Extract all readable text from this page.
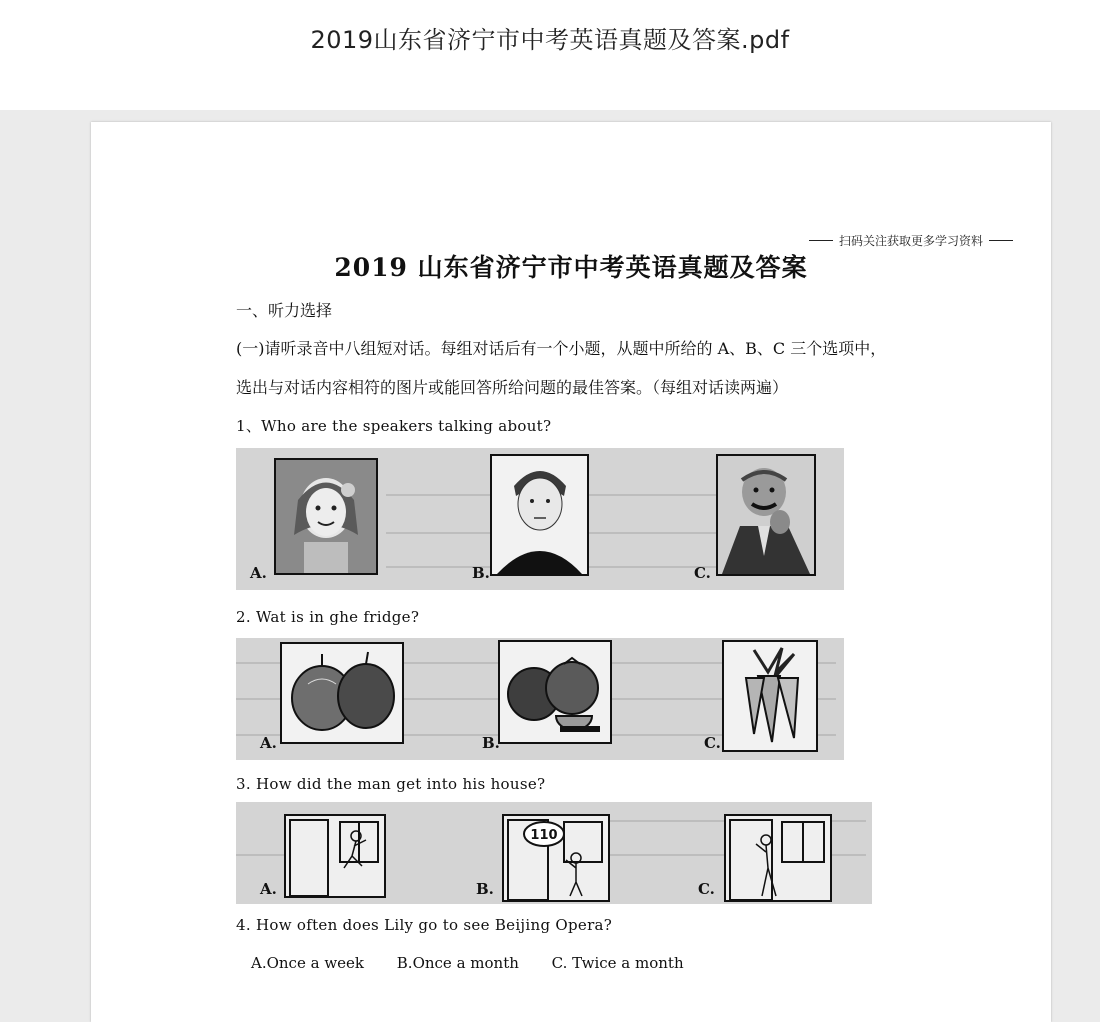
2019山东省济宁市中考英语真题及答案.pdf
扫码关注获取更多学习资料
2019 山东省济宁市中考英语真题及答案
一、听力选择
(一)请听录音中八组短对话。每组对话后有一个小题，从题中所给的 A、B、C 三个选项中，
选出与对话内容相符的图片或能回答所给问题的最佳答案。（每组对话读两遍）
1、Who are the speakers talking about?
A.	B.	C.
2. Wat is in ghe fridge?
A.	B.	C.
3. How did the man get into his house?
110
A.	B.	C.
4. How often does Lily go to see Beijing Opera?
A.Once a week B.Once a month C. Twice a month
